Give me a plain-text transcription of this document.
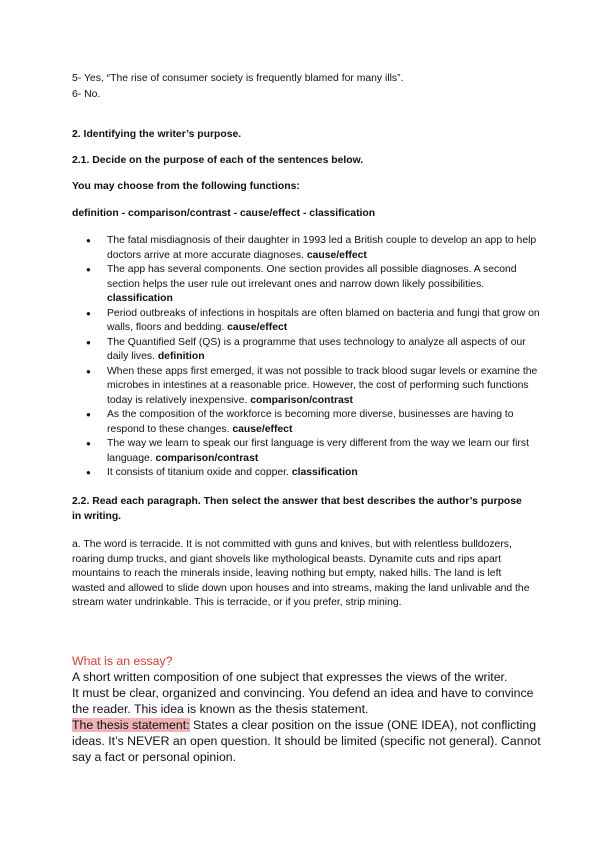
5- Yes, “The rise of consumer society is frequently blamed for many ills”.
6- No.
2. Identifying the writer’s purpose.
2.1. Decide on the purpose of each of the sentences below.
You may choose from the following functions:
definition - comparison/contrast - cause/effect - classification
● The fatal misdiagnosis of their daughter in 1993 led a British couple to develop an app to help doctors arrive at more accurate diagnoses. cause/effect
● The app has several components. One section provides all possible diagnoses. A second section helps the user rule out irrelevant ones and narrow down likely possibilities. classification
● Period outbreaks of infections in hospitals are often blamed on bacteria and fungi that grow on walls, floors and bedding. cause/effect
● The Quantified Self (QS) is a programme that uses technology to analyze all aspects of our daily lives. definition
● When these apps first emerged, it was not possible to track blood sugar levels or examine the microbes in intestines at a reasonable price. However, the cost of performing such functions today is relatively inexpensive. comparison/contrast
● As the composition of the workforce is becoming more diverse, businesses are having to respond to these changes. cause/effect
● The way we learn to speak our first language is very different from the way we learn our first language. comparison/contrast
● It consists of titanium oxide and copper. classification
2.2. Read each paragraph. Then select the answer that best describes the author’s purpose in writing.
a. The word is terracide. It is not committed with guns and knives, but with relentless bulldozers, roaring dump trucks, and giant shovels like mythological beasts. Dynamite cuts and rips apart mountains to reach the minerals inside, leaving nothing but empty, naked hills. The land is left wasted and allowed to slide down upon houses and into streams, making the land unlivable and the stream water undrinkable. This is terracide, or if you prefer, strip mining.
What is an essay?
A short written composition of one subject that expresses the views of the writer.
It must be clear, organized and convincing. You defend an idea and have to convince the reader. This idea is known as the thesis statement.
The thesis statement: States a clear position on the issue (ONE IDEA), not conflicting ideas. It’s NEVER an open question. It should be limited (specific not general). Cannot say a fact or personal opinion.
